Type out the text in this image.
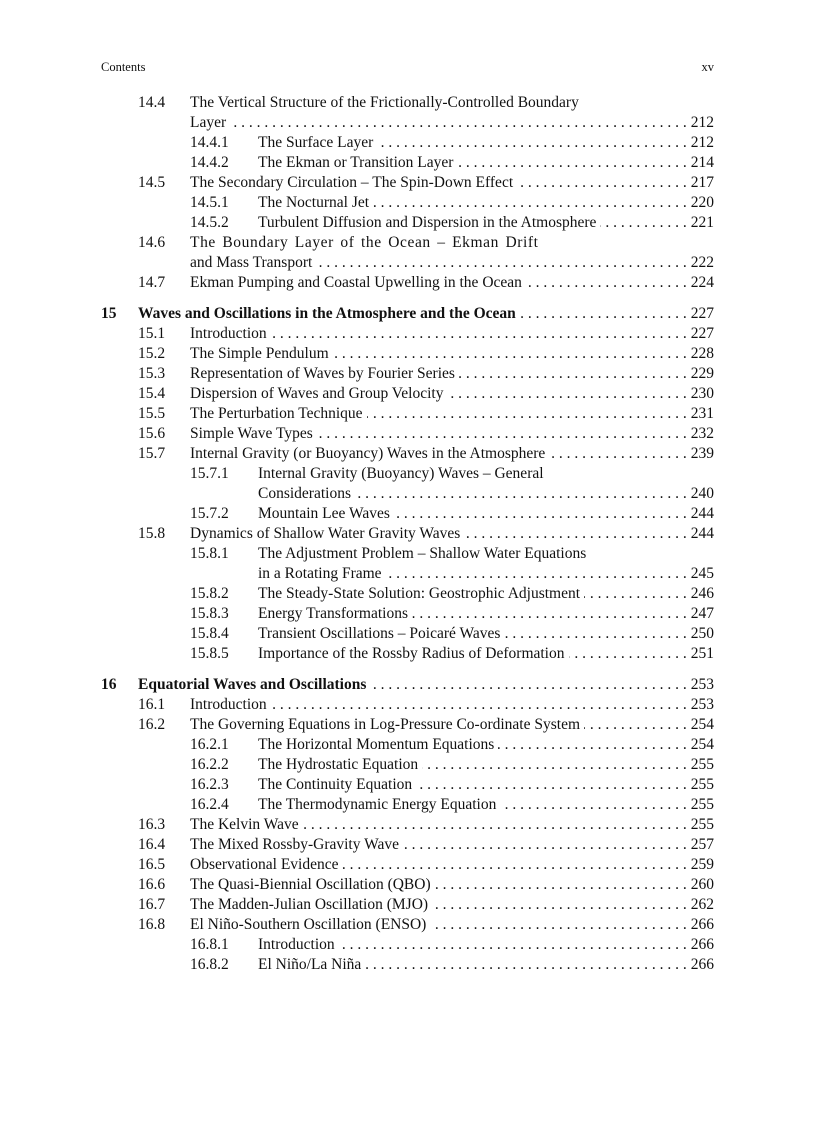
Contents	xv
14.4 The Vertical Structure of the Frictionally-Controlled Boundary
Layer . . .	212
14.4.1 The Surface Layer . . .	212
14.4.2 The Ekman or Transition Layer . . .	214
14.5 The Secondary Circulation – The Spin-Down Effect . . .	217
14.5.1 The Nocturnal Jet . . .	220
14.5.2 Turbulent Diffusion and Dispersion in the Atmosphere . . .	221
14.6 The Boundary Layer of the Ocean – Ekman Drift
and Mass Transport . . .	222
14.7 Ekman Pumping and Coastal Upwelling in the Ocean . . .	224
15 Waves and Oscillations in the Atmosphere and the Ocean . . .	227
15.1 Introduction . . .	227
15.2 The Simple Pendulum . . .	228
15.3 Representation of Waves by Fourier Series . . .	229
15.4 Dispersion of Waves and Group Velocity . . .	230
15.5 The Perturbation Technique . . .	231
15.6 Simple Wave Types . . .	232
15.7 Internal Gravity (or Buoyancy) Waves in the Atmosphere . . .	239
15.7.1 Internal Gravity (Buoyancy) Waves – General
Considerations . . .	240
15.7.2 Mountain Lee Waves . . .	244
15.8 Dynamics of Shallow Water Gravity Waves . . .	244
15.8.1 The Adjustment Problem – Shallow Water Equations
in a Rotating Frame . . .	245
15.8.2 The Steady-State Solution: Geostrophic Adjustment . . .	246
15.8.3 Energy Transformations . . .	247
15.8.4 Transient Oscillations – Poicaré Waves . . .	250
15.8.5 Importance of the Rossby Radius of Deformation . . .	251
16 Equatorial Waves and Oscillations . . .	253
16.1 Introduction . . .	253
16.2 The Governing Equations in Log-Pressure Co-ordinate System . . .	254
16.2.1 The Horizontal Momentum Equations . . .	254
16.2.2 The Hydrostatic Equation . . .	255
16.2.3 The Continuity Equation . . .	255
16.2.4 The Thermodynamic Energy Equation . . .	255
16.3 The Kelvin Wave . . .	255
16.4 The Mixed Rossby-Gravity Wave . . .	257
16.5 Observational Evidence . . .	259
16.6 The Quasi-Biennial Oscillation (QBO) . . .	260
16.7 The Madden-Julian Oscillation (MJO) . . .	262
16.8 El Niño-Southern Oscillation (ENSO) . . .	266
16.8.1 Introduction . . .	266
16.8.2 El Niño/La Niña . . .	266
